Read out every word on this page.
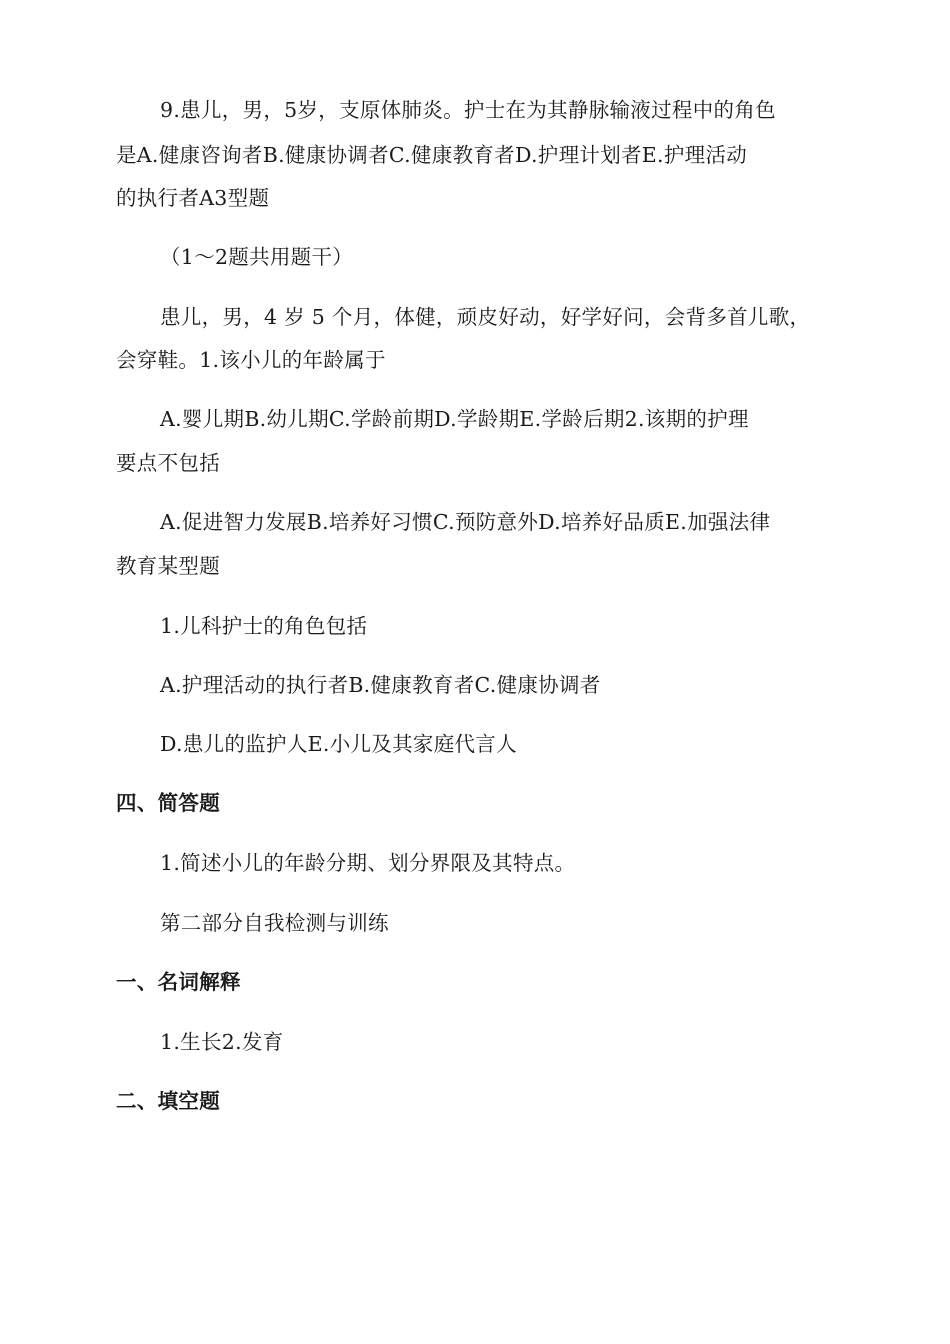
9.患儿，男，5岁，支原体肺炎。护士在为其静脉输液过程中的角色
是A.健康咨询者B.健康协调者C.健康教育者D.护理计划者E.护理活动
的执行者A3型题
（1～2题共用题干）
患儿，男，4 岁 5 个月，体健，顽皮好动，好学好问，会背多首儿歌，
会穿鞋。1.该小儿的年龄属于
A.婴儿期B.幼儿期C.学龄前期D.学龄期E.学龄后期2.该期的护理
要点不包括
A.促进智力发展B.培养好习惯C.预防意外D.培养好品质E.加强法律
教育某型题
1.儿科护士的角色包括
A.护理活动的执行者B.健康教育者C.健康协调者
D.患儿的监护人E.小儿及其家庭代言人
四、简答题
1.简述小儿的年龄分期、划分界限及其特点。
第二部分自我检测与训练
一、名词解释
1.生长2.发育
二、填空题
